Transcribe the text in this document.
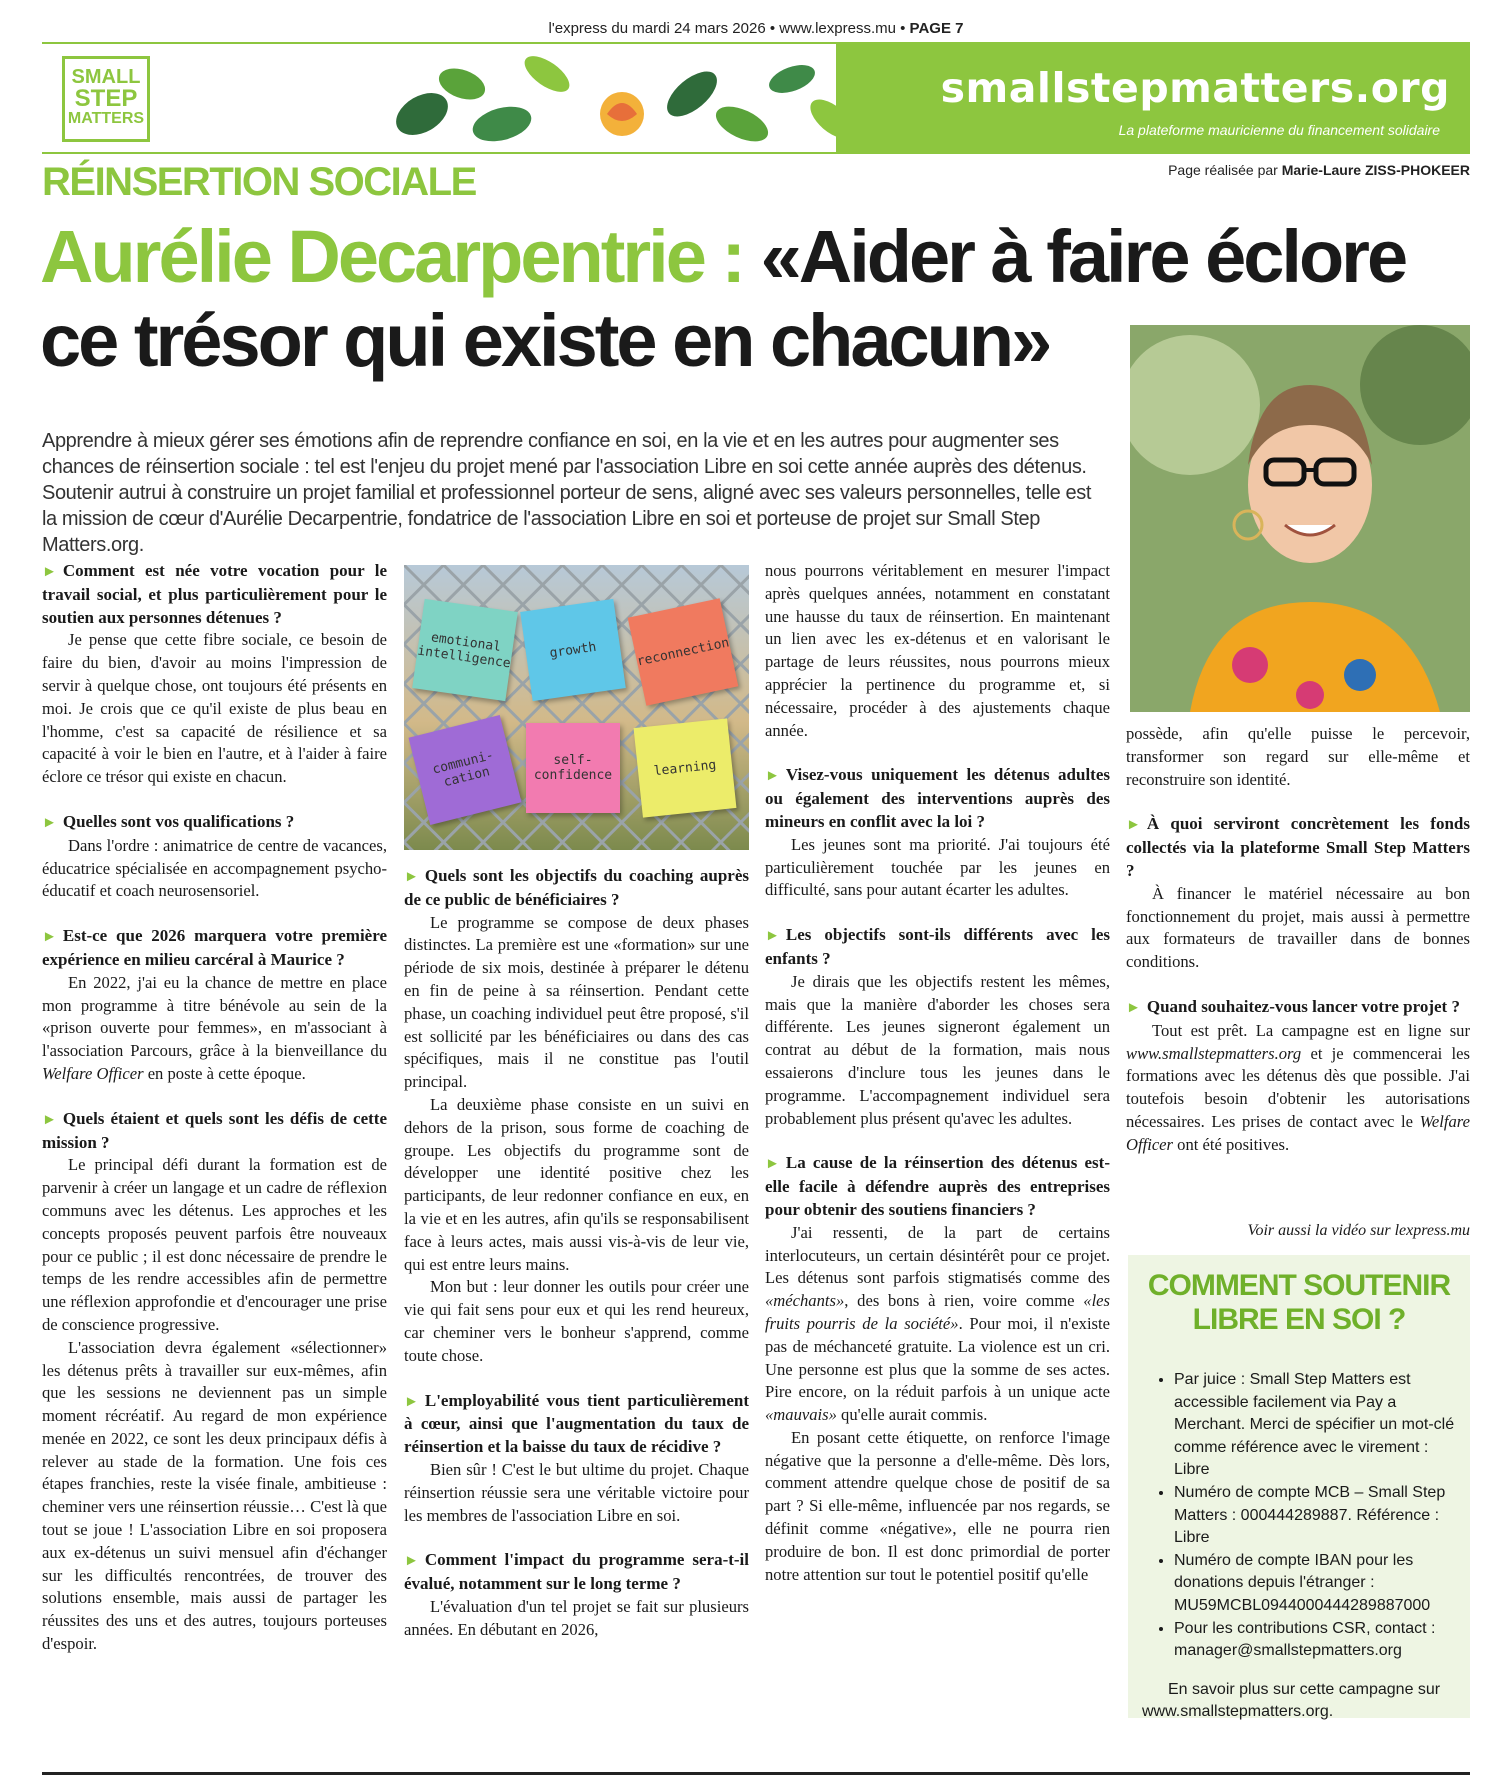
l'express du mardi 24 mars 2026 • www.lexpress.mu • PAGE 7
SMALL
STEP
MATTERS
smallstepmatters.org
La plateforme mauricienne du financement solidaire
RÉINSERTION SOCIALE	Page réalisée par Marie-Laure ZISS-PHOKEER
Aurélie Decarpentrie : «Aider à faire éclore
ce trésor qui existe en chacun»
Apprendre à mieux gérer ses émotions afin de reprendre confiance en soi, en la vie et en les autres pour augmenter ses chances de réinsertion sociale : tel est l'enjeu du projet mené par l'association Libre en soi cette année auprès des détenus. Soutenir autrui à construire un projet familial et professionnel porteur de sens, aligné avec ses valeurs personnelles, telle est la mission de cœur d'Aurélie Decarpentrie, fondatrice de l'association Libre en soi et porteuse de projet sur Small Step Matters.org.

► Comment est née votre vocation pour le travail social, et plus particulièrement pour le soutien aux personnes détenues ?

Je pense que cette fibre sociale, ce besoin de faire du bien, d'avoir au moins l'impression de servir à quelque chose, ont toujours été présents en moi. Je crois que ce qu'il existe de plus beau en l'homme, c'est sa capacité de résilience et sa capacité à voir le bien en l'autre, et à l'aider à faire éclore ce trésor qui existe en chacun.

► Quelles sont vos qualifications ?

Dans l'ordre : animatrice de centre de vacances, éducatrice spécialisée en accompagnement psycho-éducatif et coach neurosensoriel.

► Est-ce que 2026 marquera votre première expérience en milieu carcéral à Maurice ?

En 2022, j'ai eu la chance de mettre en place mon programme à titre bénévole au sein de la «prison ouverte pour femmes», en m'associant à l'association Parcours, grâce à la bienveillance du Welfare Officer en poste à cette époque.

► Quels étaient et quels sont les défis de cette mission ?

Le principal défi durant la formation est de parvenir à créer un langage et un cadre de réflexion communs avec les détenus. Les approches et les concepts proposés peuvent parfois être nouveaux pour ce public ; il est donc nécessaire de prendre le temps de les rendre accessibles afin de permettre une réflexion approfondie et d'encourager une prise de conscience progressive.

L'association devra également «sélectionner» les détenus prêts à travailler sur eux-mêmes, afin que les sessions ne deviennent pas un simple moment récréatif. Au regard de mon expérience menée en 2022, ce sont les deux principaux défis à relever au stade de la formation. Une fois ces étapes franchies, reste la visée finale, ambitieuse : cheminer vers une réinsertion réussie… C'est là que tout se joue ! L'association Libre en soi proposera aux ex-détenus un suivi mensuel afin d'échanger sur les difficultés rencontrées, de trouver des solutions ensemble, mais aussi de partager les réussites des uns et des autres, toujours porteuses d'espoir.

emotional intelligence	growth	reconnection
communi-cation
self-confidence	learning

► Quels sont les objectifs du coaching auprès de ce public de bénéficiaires ?

Le programme se compose de deux phases distinctes. La première est une «formation» sur une période de six mois, destinée à préparer le détenu en fin de peine à sa réinsertion. Pendant cette phase, un coaching individuel peut être proposé, s'il est sollicité par les bénéficiaires ou dans des cas spécifiques, mais il ne constitue pas l'outil principal.

La deuxième phase consiste en un suivi en dehors de la prison, sous forme de coaching de groupe. Les objectifs du programme sont de développer une identité positive chez les participants, de leur redonner confiance en eux, en la vie et en les autres, afin qu'ils se responsabilisent face à leurs actes, mais aussi vis-à-vis de leur vie, qui est entre leurs mains.

Mon but : leur donner les outils pour créer une vie qui fait sens pour eux et qui les rend heureux, car cheminer vers le bonheur s'apprend, comme toute chose.

► L'employabilité vous tient particulièrement à cœur, ainsi que l'augmentation du taux de réinsertion et la baisse du taux de récidive ?

Bien sûr ! C'est le but ultime du projet. Chaque réinsertion réussie sera une véritable victoire pour les membres de l'association Libre en soi.

► Comment l'impact du programme sera-t-il évalué, notamment sur le long terme ?

L'évaluation d'un tel projet se fait sur plusieurs années. En débutant en 2026,

nous pourrons véritablement en mesurer l'impact après quelques années, notamment en constatant une hausse du taux de réinsertion. En maintenant un lien avec les ex-détenus et en valorisant le partage de leurs réussites, nous pourrons mieux apprécier la pertinence du programme et, si nécessaire, procéder à des ajustements chaque année.

► Visez-vous uniquement les détenus adultes ou également des interventions auprès des mineurs en conflit avec la loi ?

Les jeunes sont ma priorité. J'ai toujours été particulièrement touchée par les jeunes en difficulté, sans pour autant écarter les adultes.

► Les objectifs sont-ils différents avec les enfants ?

Je dirais que les objectifs restent les mêmes, mais que la manière d'aborder les choses sera différente. Les jeunes signeront également un contrat au début de la formation, mais nous essaierons d'inclure tous les jeunes dans le programme. L'accompagnement individuel sera probablement plus présent qu'avec les adultes.

► La cause de la réinsertion des détenus est-elle facile à défendre auprès des entreprises pour obtenir des soutiens financiers ?

J'ai ressenti, de la part de certains interlocuteurs, un certain désintérêt pour ce projet. Les détenus sont parfois stigmatisés comme des «méchants», des bons à rien, voire comme «les fruits pourris de la société». Pour moi, il n'existe pas de méchanceté gratuite. La violence est un cri. Une personne est plus que la somme de ses actes. Pire encore, on la réduit parfois à un unique acte «mauvais» qu'elle aurait commis.

En posant cette étiquette, on renforce l'image négative que la personne a d'elle-même. Dès lors, comment attendre quelque chose de positif de sa part ? Si elle-même, influencée par nos regards, se définit comme «négative», elle ne pourra rien produire de bon. Il est donc primordial de porter notre attention sur tout le potentiel positif qu'elle

possède, afin qu'elle puisse le percevoir, transformer son regard sur elle-même et reconstruire son identité.

► À quoi serviront concrètement les fonds collectés via la plateforme Small Step Matters ?

À financer le matériel nécessaire au bon fonctionnement du projet, mais aussi à permettre aux formateurs de travailler dans de bonnes conditions.

► Quand souhaitez-vous lancer votre projet ?

Tout est prêt. La campagne est en ligne sur www.smallstepmatters.org et je commencerai les formations avec les détenus dès que possible. J'ai toutefois besoin d'obtenir les autorisations nécessaires. Les prises de contact avec le Welfare Officer ont été positives.

Voir aussi la vidéo sur lexpress.mu
COMMENT SOUTENIR
LIBRE EN SOI ?
• Par juice : Small Step Matters est accessible facilement via Pay a Merchant. Merci de spécifier un mot-clé comme référence avec le virement : Libre
• Numéro de compte MCB – Small Step Matters : 000444289887. Référence : Libre
• Numéro de compte IBAN pour les donations depuis l'étranger : MU59MCBL0944000444289887000
• Pour les contributions CSR, contact : manager@smallstepmatters.org
En savoir plus sur cette campagne sur www.smallstepmatters.org.
